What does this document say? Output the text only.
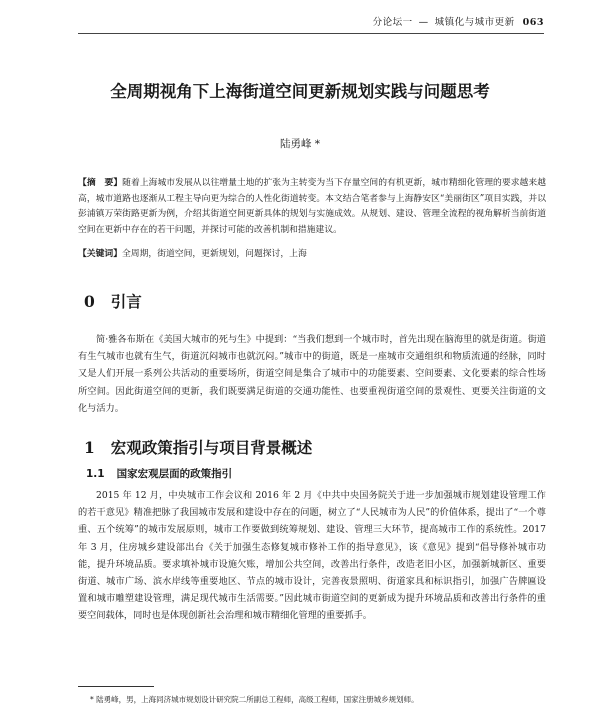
分论坛一 — 城镇化与城市更新 063
全周期视角下上海街道空间更新规划实践与问题思考
陆勇峰 *
【摘　要】随着上海城市发展从以往增量土地的扩张为主转变为当下存量空间的有机更新，城市精细化管理的要求越来越高，城市道路也逐渐从工程主导向更为综合的人性化街道转变。本文结合笔者参与上海静安区“美丽街区”项目实践，并以彭浦镇万荣街路更新为例，介绍其街道空间更新具体的规划与实施成效。从规划、建设、管理全流程的视角解析当前街道空间在更新中存在的若干问题，并探讨可能的改善机制和措施建议。
【关键词】全周期，街道空间，更新规划，问题探讨，上海
0 引言
简·雅各布斯在《美国大城市的死与生》中提到：“当我们想到一个城市时，首先出现在脑海里的就是街道。街道有生气城市也就有生气，街道沉闷城市也就沉闷。”城市中的街道，既是一座城市交通组织和物质流通的经脉，同时又是人们开展一系列公共活动的重要场所，街道空间是集合了城市中的功能要素、空间要素、文化要素的综合性场所空间。因此街道空间的更新，我们既要满足街道的交通功能性、也要重视街道空间的景观性、更要关注街道的文化与活力。
1 宏观政策指引与项目背景概述
1.1 国家宏观层面的政策指引
2015 年 12 月，中央城市工作会议和 2016 年 2 月《中共中央国务院关于进一步加强城市规划建设管理工作的若干意见》精准把脉了我国城市发展和建设中存在的问题，树立了“人民城市为人民”的价值体系，提出了“一个尊重、五个统筹”的城市发展原则，城市工作要做到统筹规划、建设、管理三大环节，提高城市工作的系统性。2017 年 3 月，住房城乡建设部出台《关于加强生态修复城市修补工作的指导意见》，该《意见》提到“倡导修补城市功能，提升环境品质。要求填补城市设施欠账，增加公共空间，改善出行条件，改造老旧小区，加强新城新区、重要街道、城市广场、滨水岸线等重要地区、节点的城市设计，完善夜景照明、街道家具和标识指引，加强广告牌匾设置和城市雕塑建设管理，满足现代城市生活需要。”因此城市街道空间的更新成为提升环境品质和改善出行条件的重要空间载体，同时也是体现创新社会治理和城市精细化管理的重要抓手。
* 陆勇峰，男，上海同济城市规划设计研究院二所副总工程师，高级工程师，国家注册城乡规划师。
